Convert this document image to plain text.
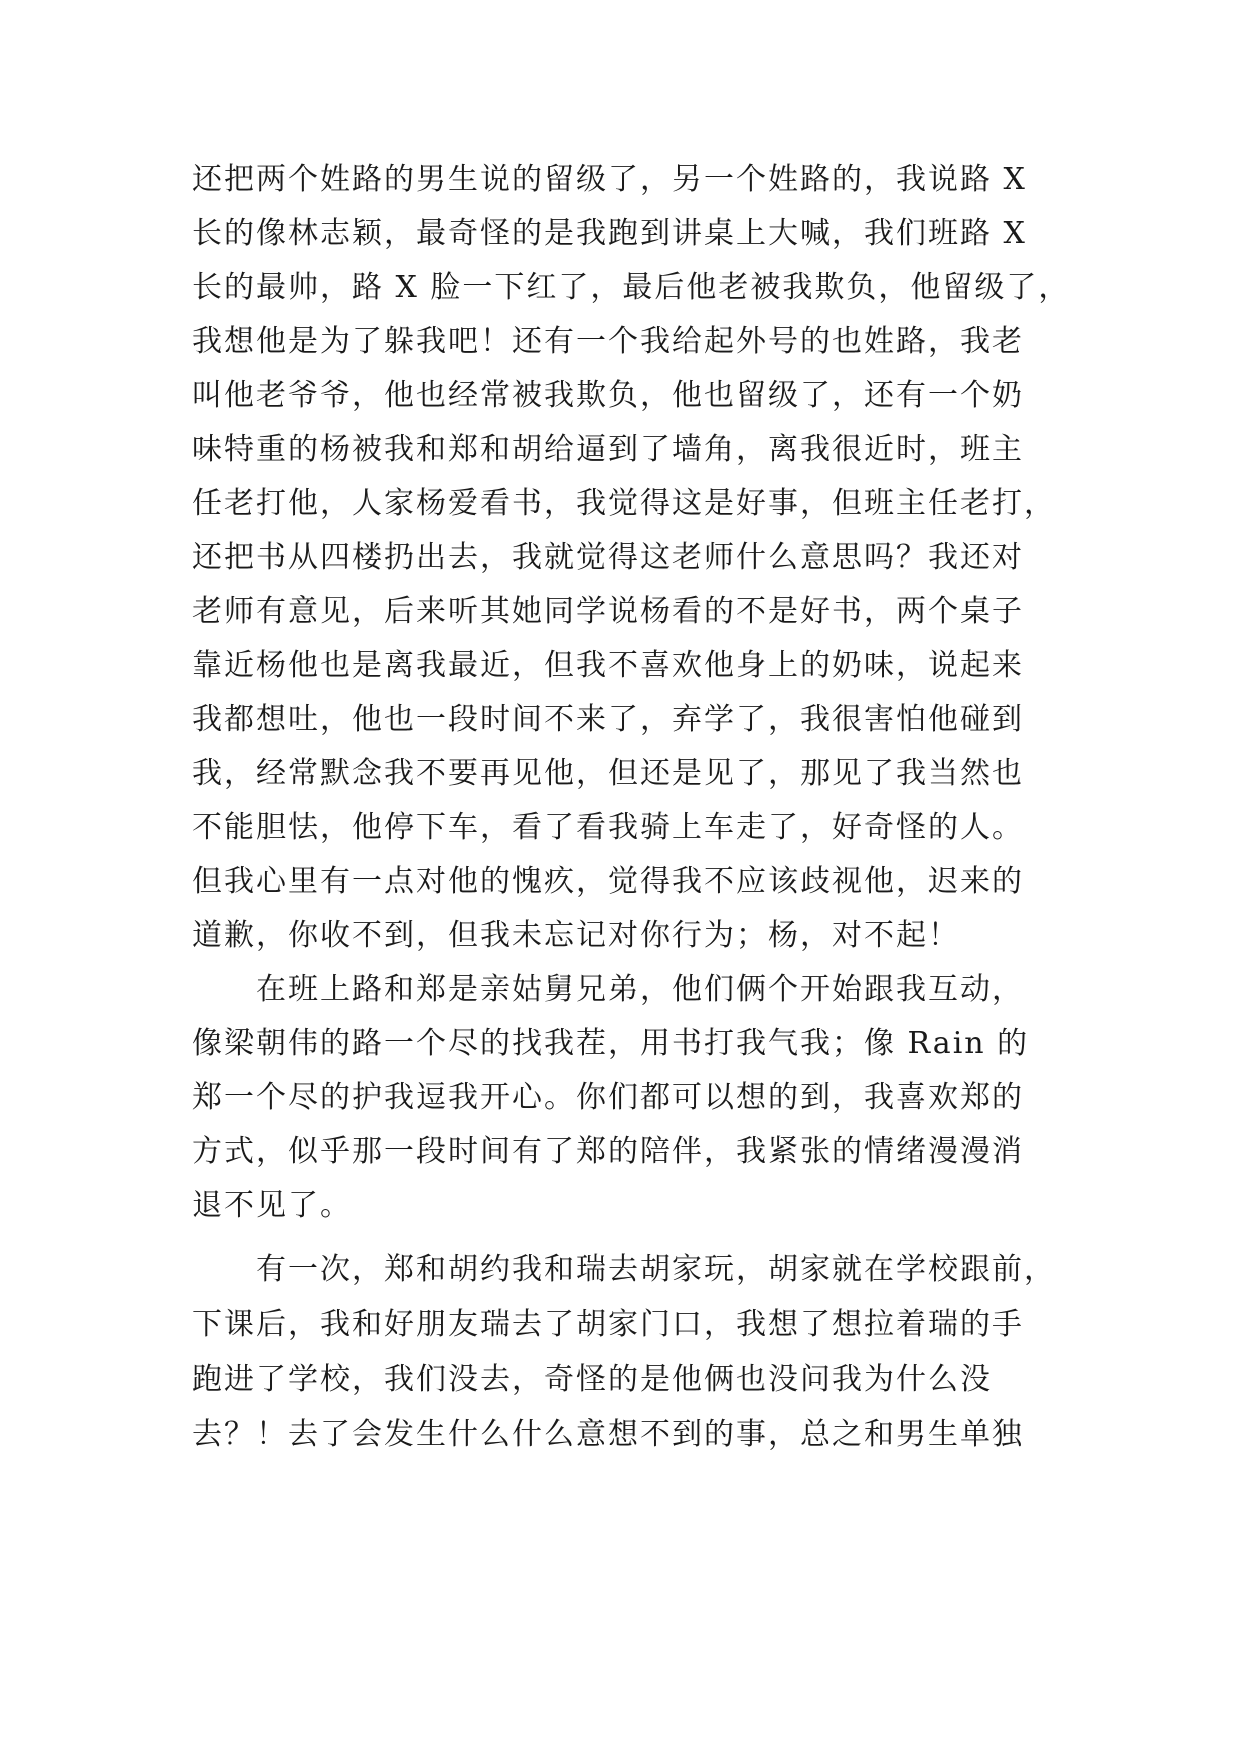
还把两个姓路的男生说的留级了，另一个姓路的，我说路 X
长的像林志颖，最奇怪的是我跑到讲桌上大喊，我们班路 X
长的最帅，路 X 脸一下红了，最后他老被我欺负，他留级了，
我想他是为了躲我吧！还有一个我给起外号的也姓路，我老
叫他老爷爷，他也经常被我欺负，他也留级了，还有一个奶
味特重的杨被我和郑和胡给逼到了墙角，离我很近时，班主
任老打他，人家杨爱看书，我觉得这是好事，但班主任老打，
还把书从四楼扔出去，我就觉得这老师什么意思吗？我还对
老师有意见，后来听其她同学说杨看的不是好书，两个桌子
靠近杨他也是离我最近，但我不喜欢他身上的奶味，说起来
我都想吐，他也一段时间不来了，弃学了，我很害怕他碰到
我，经常默念我不要再见他，但还是见了，那见了我当然也
不能胆怯，他停下车，看了看我骑上车走了，好奇怪的人。
但我心里有一点对他的愧疚，觉得我不应该歧视他，迟来的
道歉，你收不到，但我未忘记对你行为；杨，对不起！
　　在班上路和郑是亲姑舅兄弟，他们俩个开始跟我互动，
像梁朝伟的路一个尽的找我茬，用书打我气我；像 Rain 的
郑一个尽的护我逗我开心。你们都可以想的到，我喜欢郑的
方式，似乎那一段时间有了郑的陪伴，我紧张的情绪漫漫消
退不见了。
　　有一次，郑和胡约我和瑞去胡家玩，胡家就在学校跟前，
下课后，我和好朋友瑞去了胡家门口，我想了想拉着瑞的手
跑进了学校，我们没去，奇怪的是他俩也没问我为什么没
去？！去了会发生什么什么意想不到的事，总之和男生单独
